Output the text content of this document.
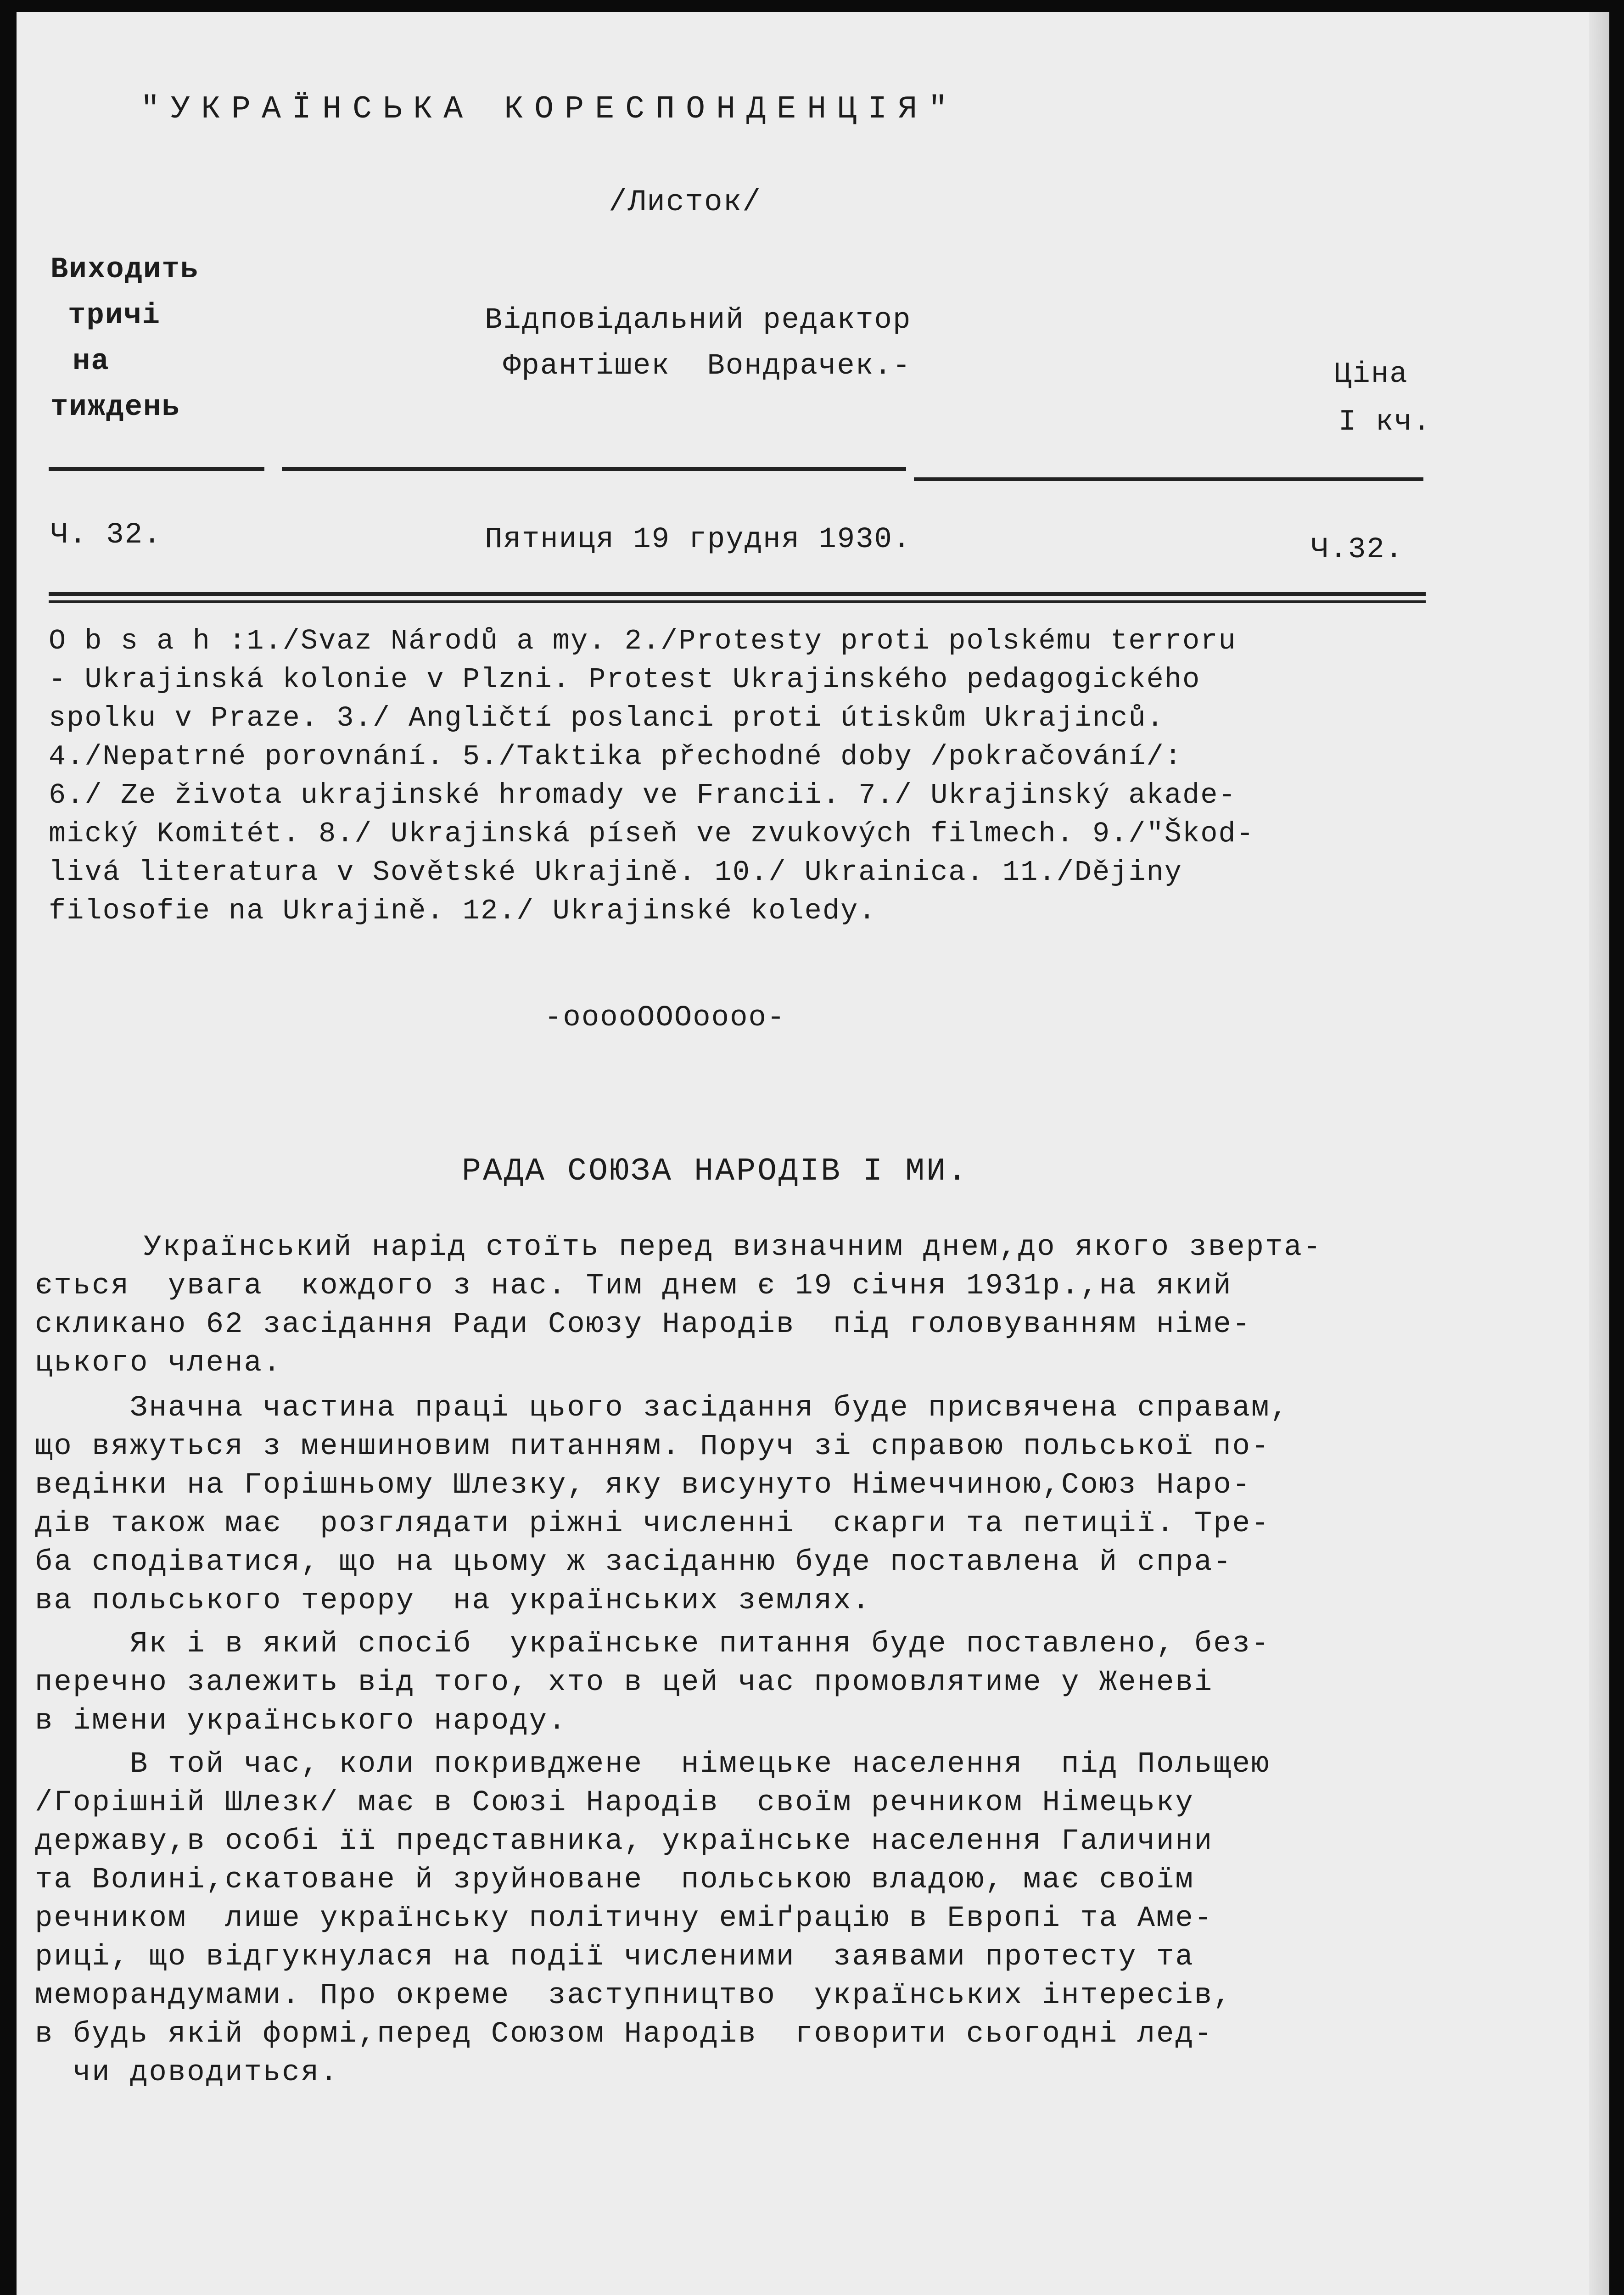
"УКРАЇНСЬКА КОРЕСПОНДЕНЦІЯ"
/Листок/
Виходить
тричі
на
тиждень
Відповідальний редактор
Франтішек  Вондрачек.-	Ціна
І кч.
Ч. 32.	Пятниця 19 грудня 1930.	Ч.32.
O b s a h :1./Svaz Národů a my. 2./Protesty proti polskému terroru
- Ukrajinská kolonie v Plzni. Protest Ukrajinského pedagogického
spolku v Praze. 3./ Angličtí poslanci proti útiskům Ukrajinců.
4./Nepatrné porovnání. 5./Taktika přechodné doby /pokračování/:
6./ Ze života ukrajinské hromady ve Francii. 7./ Ukrajinský akade-
mický Komitét. 8./ Ukrajinská píseň ve zvukových filmech. 9./"Škod-
livá literatura v Sovětské Ukrajině. 10./ Ukrainica. 11./Dějiny
filosofie na Ukrajině. 12./ Ukrajinské koledy.
-ooooOOOoooo-
РАДА СОЮЗА НАРОДІВ І МИ.
Український нарід стоїть перед визначним днем,до якого зверта-
ється  увага  кождого з нас. Тим днем є 19 січня 1931р.,на який
скликано 62 засідання Ради Союзу Народів  під головуванням німе-
цького члена.
Значна частина праці цього засідання буде присвячена справам,
що вяжуться з меншиновим питанням. Поруч зі справою польської по-
ведінки на Горішньому Шлезку, яку висунуто Німеччиною,Союз Наро-
дів також має  розглядати ріжні численні  скарги та петиції. Тре-
ба сподіватися, що на цьому ж засіданню буде поставлена й спра-
ва польського терору  на українських землях.
Як і в який спосіб  українське питання буде поставлено, без-
перечно залежить від того, хто в цей час промовлятиме у Женеві
в імени українського народу.
В той час, коли покривджене  німецьке населення  під Польщею
/Горішній Шлезк/ має в Союзі Народів  своїм речником Німецьку
державу,в особі її представника, українське населення Галичини
та Волині,скатоване й зруйноване  польською владою, має своїм
речником  лише українську політичну еміґрацію в Европі та Аме-
риці, що відгукнулася на події численими  заявами протесту та
меморандумами. Про окреме  заступництво  українських інтересів,
в будь якій формі,перед Союзом Народів  говорити сьогодні лед-
чи доводиться.
